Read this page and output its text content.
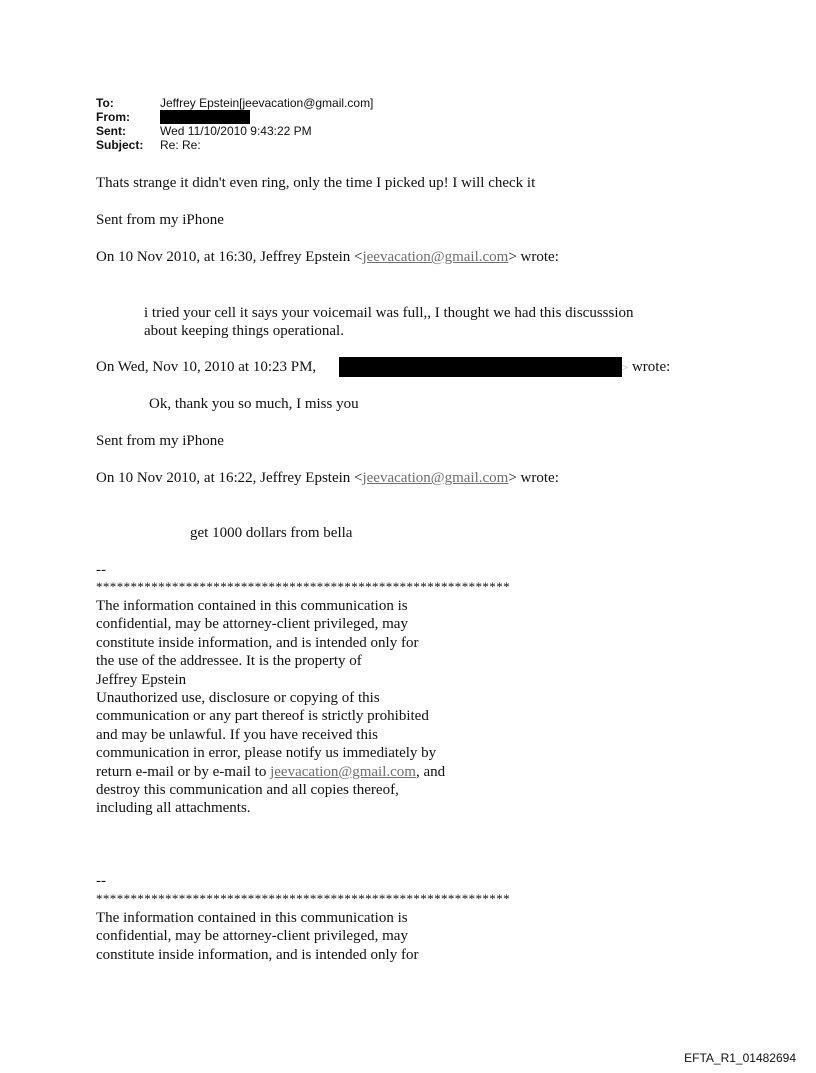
To:	Jeffrey Epstein[jeevacation@gmail.com]
From:
Sent:	Wed 11/10/2010 9:43:22 PM
Subject:	Re: Re:
Thats strange it didn't even ring, only the time I picked up! I will check it
Sent from my iPhone
On 10 Nov 2010, at 16:30, Jeffrey Epstein <jeevacation@gmail.com> wrote:
i tried your cell it says your voicemail was full,, I thought we had this discusssion
about keeping things operational.
On Wed, Nov 10, 2010 at 10:23 PM,	> wrote:
Ok, thank you so much, I miss you
Sent from my iPhone
On 10 Nov 2010, at 16:22, Jeffrey Epstein <jeevacation@gmail.com> wrote:
get 1000 dollars from bella
--
************************************************************
The information contained in this communication is
confidential, may be attorney-client privileged, may
constitute inside information, and is intended only for
the use of the addressee. It is the property of
Jeffrey Epstein
Unauthorized use, disclosure or copying of this
communication or any part thereof is strictly prohibited
and may be unlawful. If you have received this
communication in error, please notify us immediately by
return e-mail or by e-mail to jeevacation@gmail.com, and
destroy this communication and all copies thereof,
including all attachments.
--
************************************************************
The information contained in this communication is
confidential, may be attorney-client privileged, may
constitute inside information, and is intended only for
EFTA_R1_01482694
